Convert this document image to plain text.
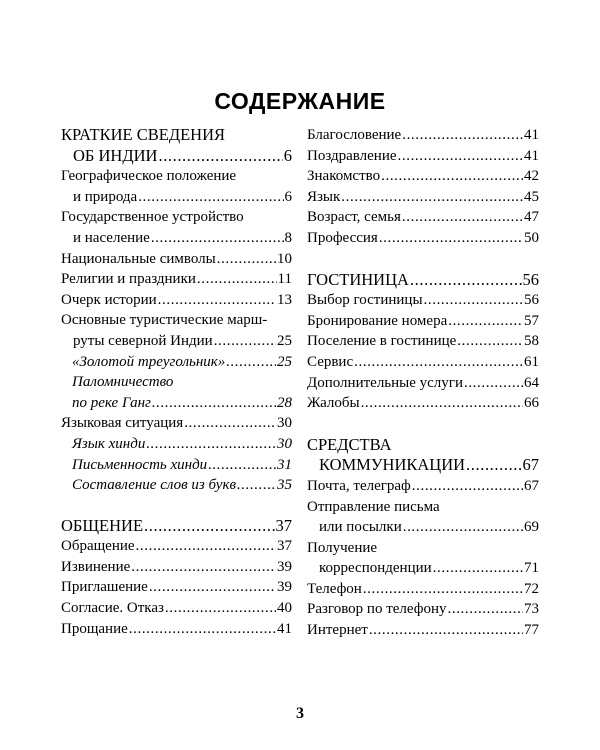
СОДЕРЖАНИЕ
КРАТКИЕ СВЕДЕНИЯ
ОБ ИНДИИ .....	6
Географическое положение
и природа .....	6
Государственное устройство
и население .....	8
Национальные символы .....	10
Религии и праздники .....	11
Очерк истории .....	13
Основные туристические марш-
руты северной Индии .....	25
«Золотой треугольник» .....	25
Паломничество
по реке Ганг .....	28
Языковая ситуация .....	30
Язык хинди .....	30
Письменность хинди .....	31
Составление слов из букв .....	35
ОБЩЕНИЕ .....	37
Обращение .....	37
Извинение .....	39
Приглашение .....	39
Согласие. Отказ .....	40
Прощание .....	41
Благословение .....	41
Поздравление .....	41
Знакомство .....	42
Язык .....	45
Возраст, семья .....	47
Профессия .....	50
ГОСТИНИЦА .....	56
Выбор гостиницы .....	56
Бронирование номера .....	57
Поселение в гостинице .....	58
Сервис .....	61
Дополнительные услуги .....	64
Жалобы .....	66
СРЕДСТВА
КОММУНИКАЦИИ .....	67
Почта, телеграф .....	67
Отправление письма
или посылки .....	69
Получение
корреспонденции .....	71
Телефон .....	72
Разговор по телефону .....	73
Интернет .....	77
3
